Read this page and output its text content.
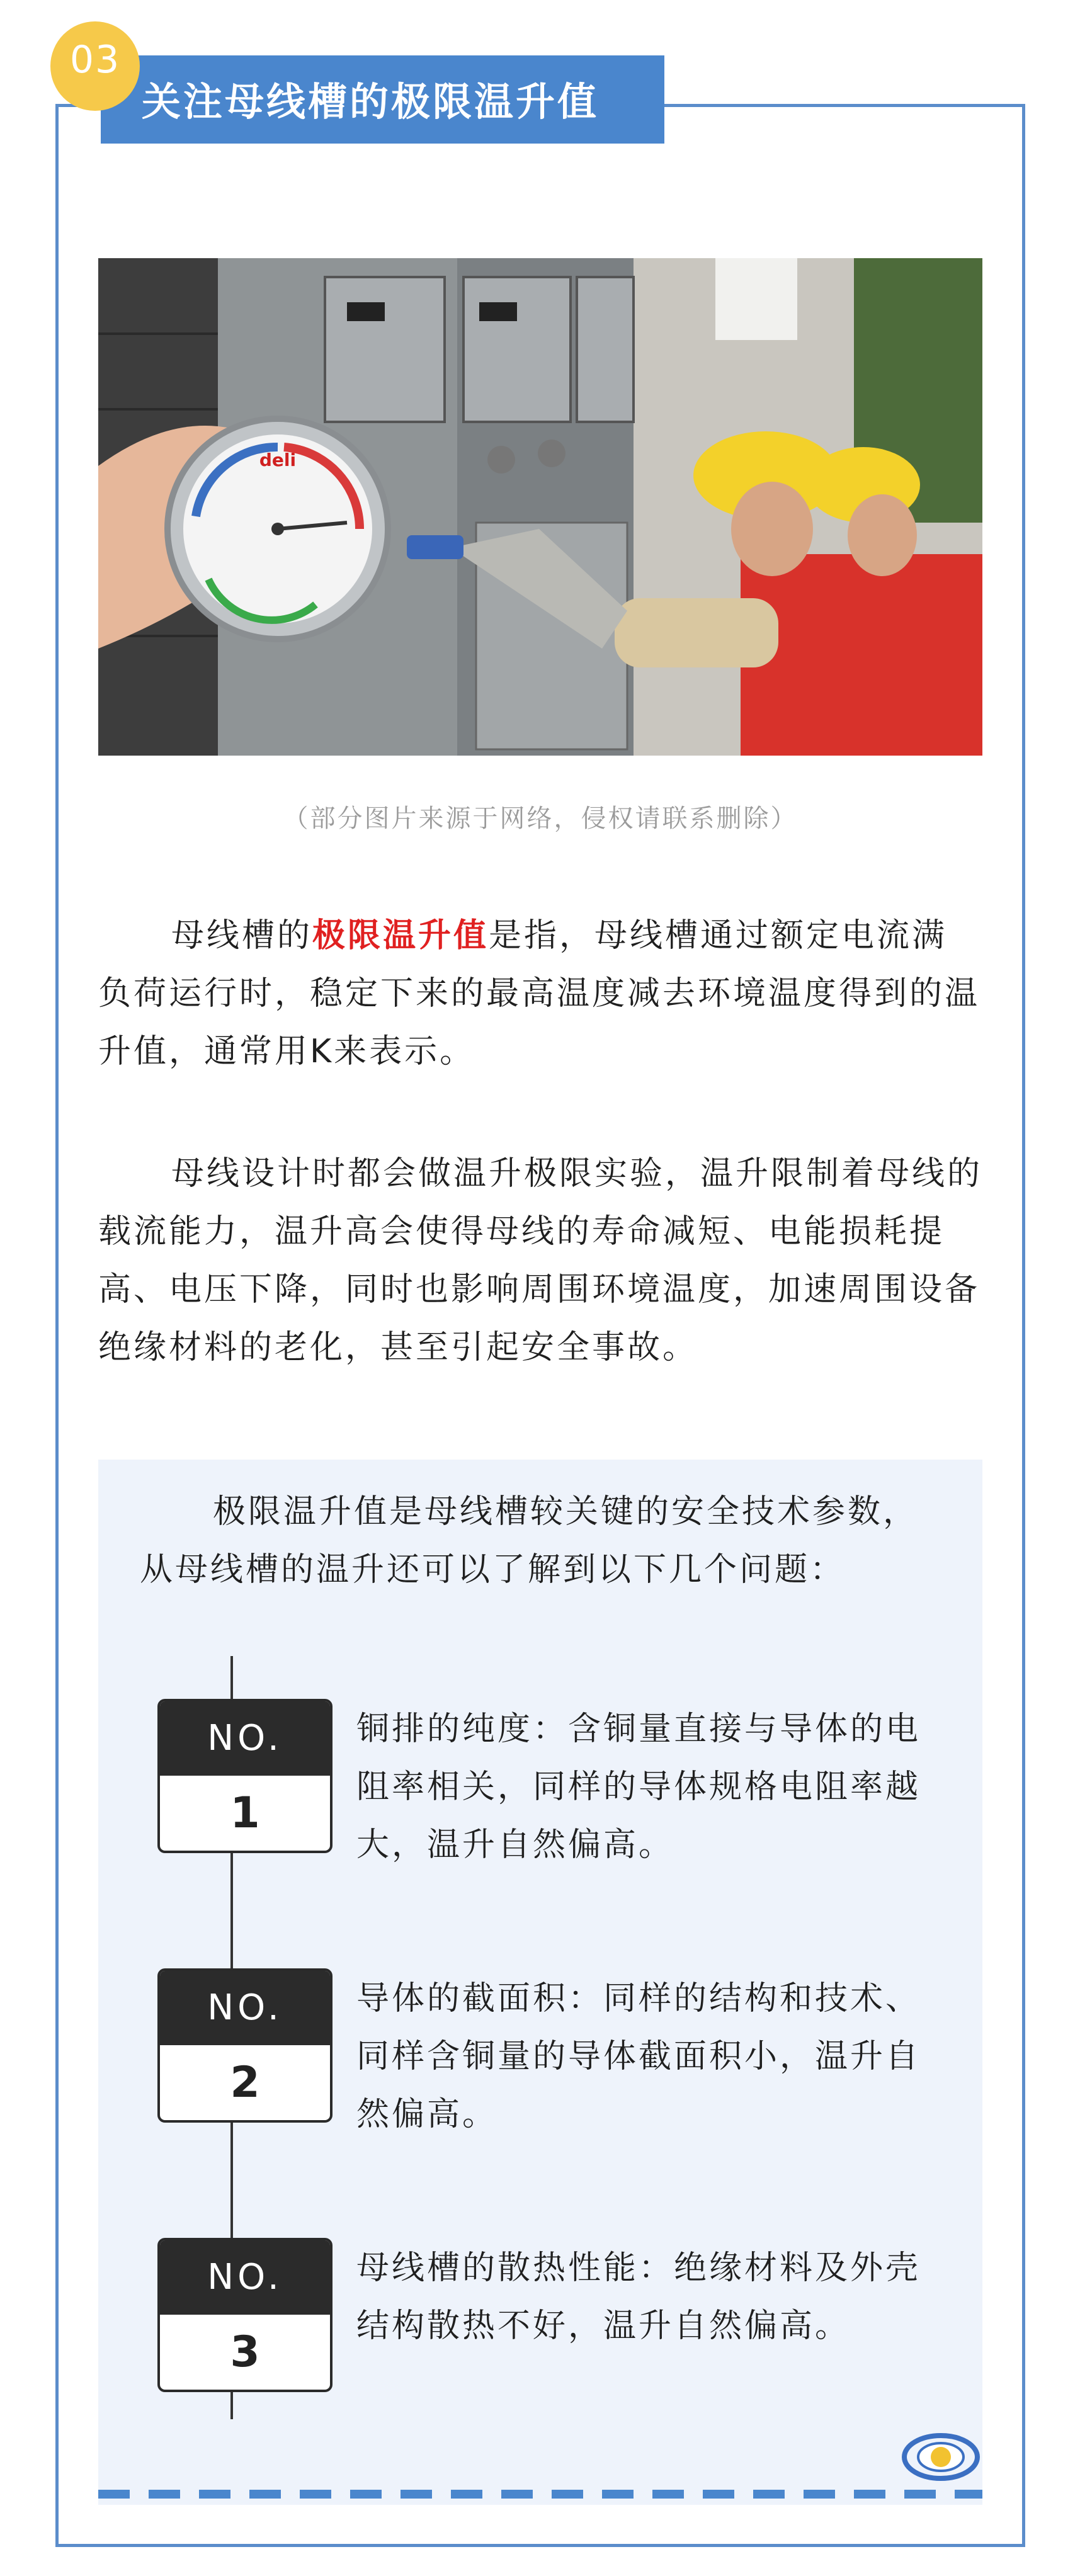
03
关注母线槽的极限温升值
deli
（部分图片来源于网络，侵权请联系删除）

母线槽的极限温升值是指，母线槽通过额定电流满负荷运行时，稳定下来的最高温度减去环境温度得到的温升值，通常用K来表示。

母线设计时都会做温升极限实验，温升限制着母线的载流能力，温升高会使得母线的寿命减短、电能损耗提高、电压下降，同时也影响周围环境温度，加速周围设备绝缘材料的老化，甚至引起安全事故。

极限温升值是母线槽较关键的安全技术参数，从母线槽的温升还可以了解到以下几个问题：

NO.
1

铜排的纯度：含铜量直接与导体的电阻率相关，同样的导体规格电阻率越大，温升自然偏高。

NO.
2

导体的截面积：同样的结构和技术、同样含铜量的导体截面积小，温升自然偏高。

NO.
3

母线槽的散热性能：绝缘材料及外壳结构散热不好，温升自然偏高。
